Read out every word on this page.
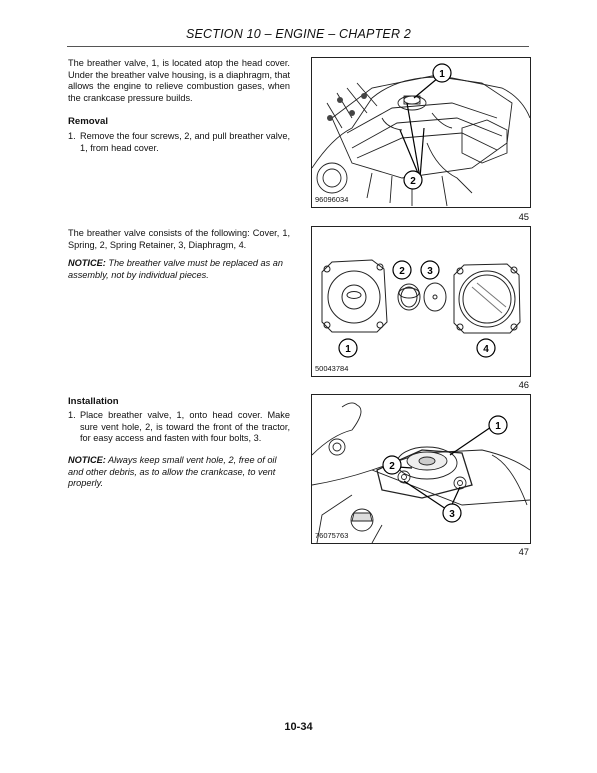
SECTION 10 – ENGINE – CHAPTER 2
The breather valve, 1, is located atop the head cover. Under the breather valve housing, is a diaphragm, that allows the engine to relieve combustion gases, when the crankcase pressure builds.
Removal
1. Remove the four screws, 2, and pull breather valve, 1, from head cover.
1
2
96096034
45
The breather valve consists of the following: Cover, 1, Spring, 2, Spring Retainer, 3, Diaphragm, 4.
NOTICE: The breather valve must be replaced as an assembly, not by individual pieces.
1
2 3
4
50043784
46
Installation
1. Place breather valve, 1, onto head cover. Make sure vent hole, 2, is toward the front of the tractor, for easy access and fasten with four bolts, 3.
NOTICE: Always keep small vent hole, 2, free of oil and other debris, as to allow the crankcase, to vent properly.
1
2
3
76075763
47
10-34
